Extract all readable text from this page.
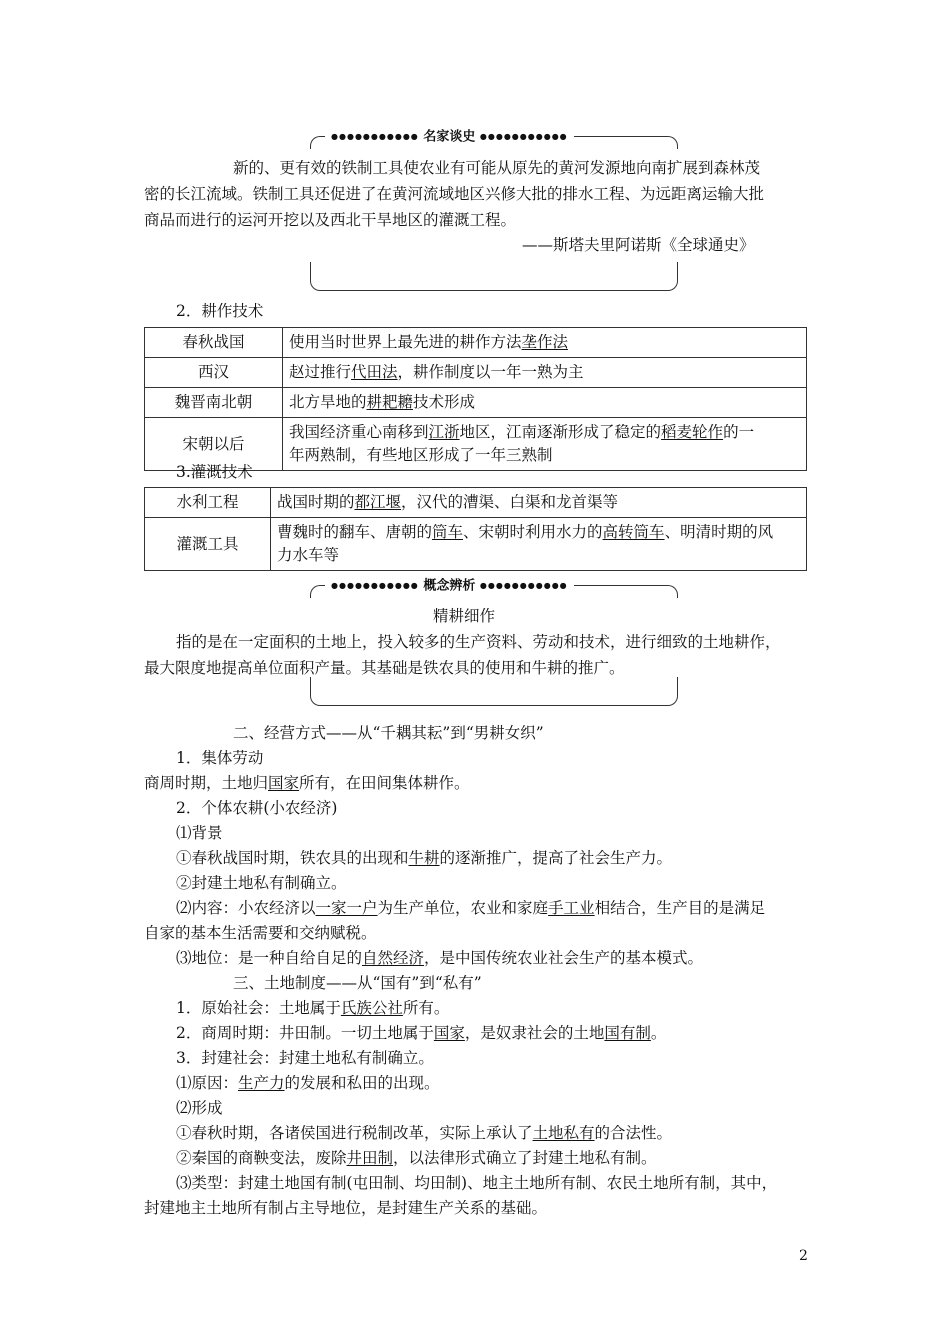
●●●●●●●●●●● 名家谈史 ●●●●●●●●●●●
新的、更有效的铁制工具使农业有可能从原先的黄河发源地向南扩展到森林茂
密的长江流域。铁制工具还促进了在黄河流域地区兴修大批的排水工程、为远距离运输大批
商品而进行的运河开挖以及西北干旱地区的灌溉工程。
——斯塔夫里阿诺斯《全球通史》
2．耕作技术
春秋战国	使用当时世界上最先进的耕作方法垄作法
西汉	赵过推行代田法，耕作制度以一年一熟为主
魏晋南北朝	北方旱地的耕耙耱技术形成
宋朝以后	我国经济重心南移到江浙地区，江南逐渐形成了稳定的稻麦轮作的一
年两熟制，有些地区形成了一年三熟制
3.灌溉技术
水利工程	战国时期的都江堰，汉代的漕渠、白渠和龙首渠等
灌溉工具	曹魏时的翻车、唐朝的筒车、宋朝时利用水力的高转筒车、明清时期的风
力水车等
●●●●●●●●●●● 概念辨析 ●●●●●●●●●●●
精耕细作
指的是在一定面积的土地上，投入较多的生产资料、劳动和技术，进行细致的土地耕作，
最大限度地提高单位面积产量。其基础是铁农具的使用和牛耕的推广。
二、经营方式——从“千耦其耘”到“男耕女织”
1．集体劳动
商周时期，土地归国家所有，在田间集体耕作。
2．个体农耕(小农经济)
⑴背景
①春秋战国时期，铁农具的出现和牛耕的逐渐推广，提高了社会生产力。
②封建土地私有制确立。
⑵内容：小农经济以一家一户为生产单位，农业和家庭手工业相结合，生产目的是满足
自家的基本生活需要和交纳赋税。
⑶地位：是一种自给自足的自然经济，是中国传统农业社会生产的基本模式。
三、土地制度——从“国有”到“私有”
1．原始社会：土地属于氏族公社所有。
2．商周时期：井田制。一切土地属于国家，是奴隶社会的土地国有制。
3．封建社会：封建土地私有制确立。
⑴原因：生产力的发展和私田的出现。
⑵形成
①春秋时期，各诸侯国进行税制改革，实际上承认了土地私有的合法性。
②秦国的商鞅变法，废除井田制，以法律形式确立了封建土地私有制。
⑶类型：封建土地国有制(屯田制、均田制)、地主土地所有制、农民土地所有制，其中，
封建地主土地所有制占主导地位，是封建生产关系的基础。
2
